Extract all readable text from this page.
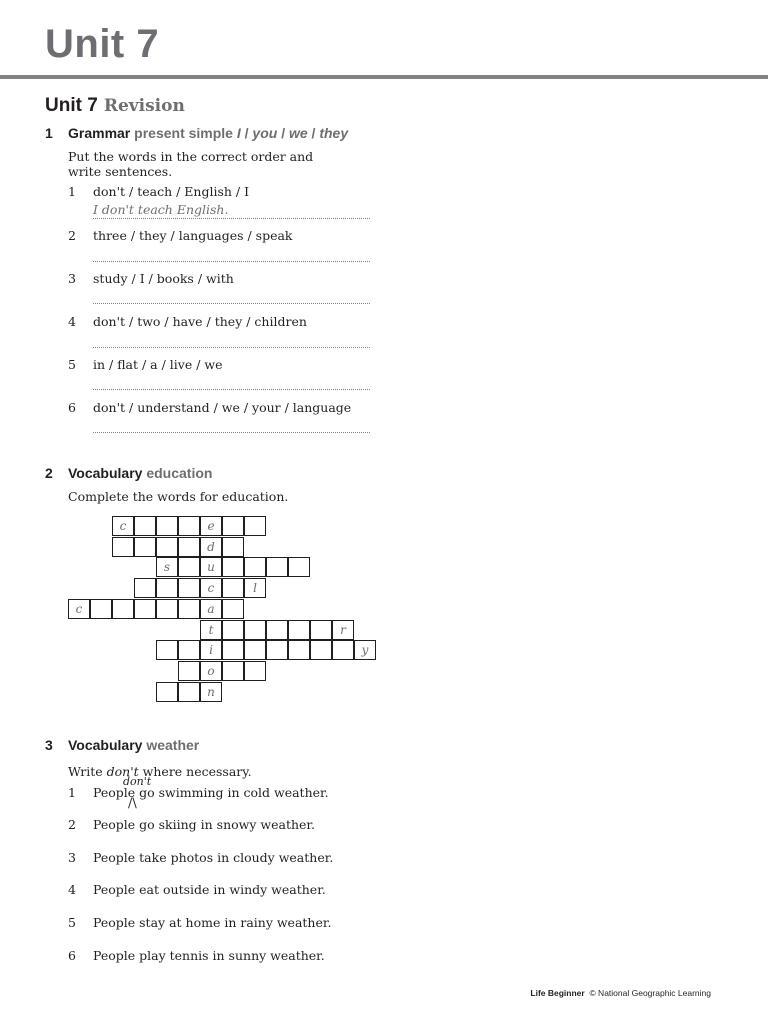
Unit 7
Unit 7 Revision
1 Grammar present simple I / you / we / they
Put the words in the correct order and write sentences.
1 don't / teach / English / I
I don't teach English.
2 three / they / languages / speak
3 study / I / books / with
4 don't / two / have / they / children
5 in / flat / a / live / we
6 don't / understand / we / your / language
2 Vocabulary education
Complete the words for education.
c	e
d
s	u
c	l
c	a
t	r
i	y
o
n
3 Vocabulary weather
Write don't where necessary.
don't
/\
1 People go swimming in cold weather.
2 People go skiing in snowy weather.
3 People take photos in cloudy weather.
4 People eat outside in windy weather.
5 People stay at home in rainy weather.
6 People play tennis in sunny weather.
Life Beginner © National Geographic Learning
